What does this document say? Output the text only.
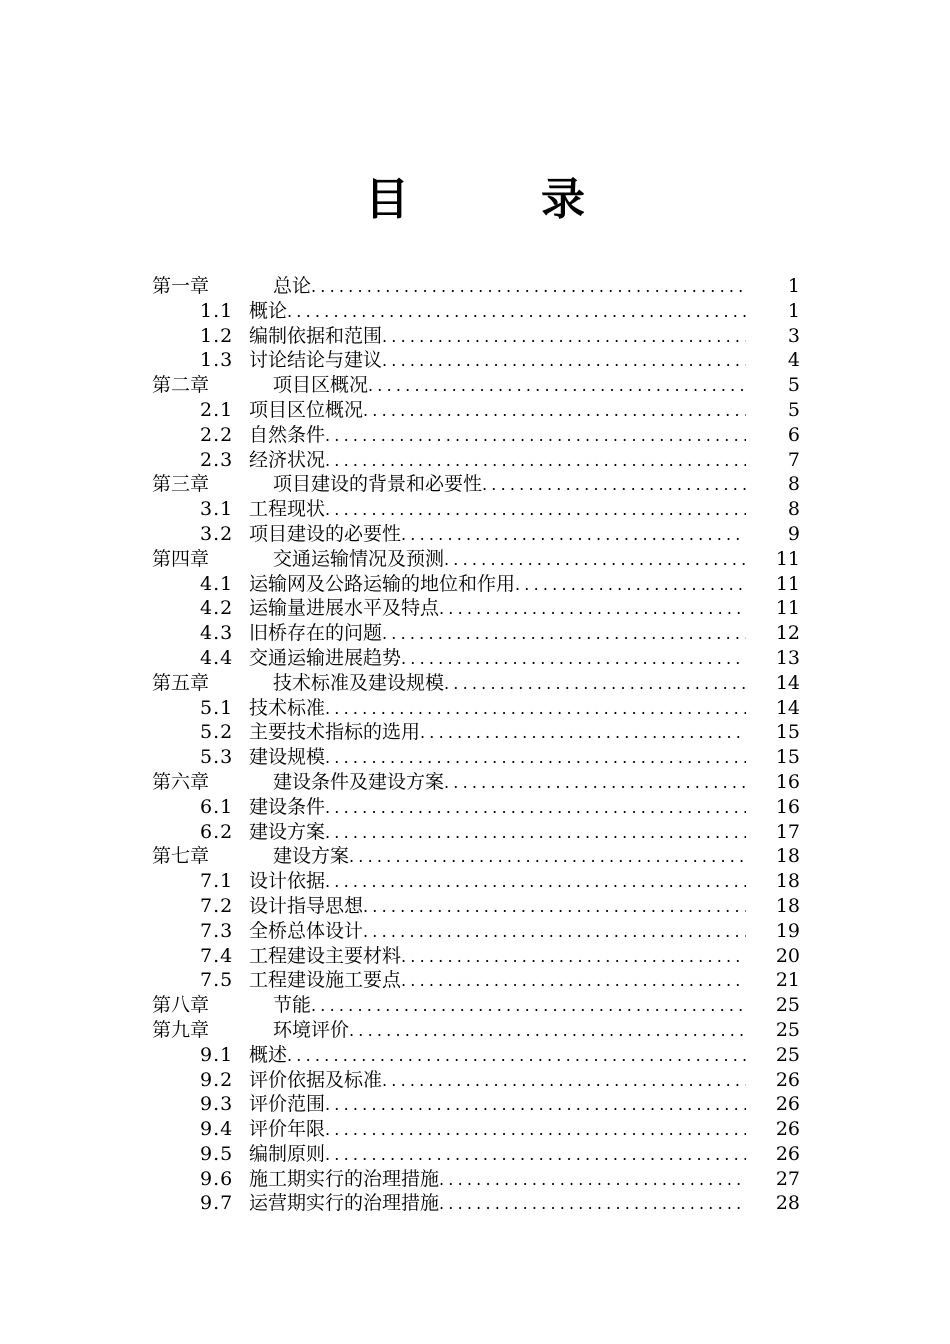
目　录
第一章	总论 .....	1
1.1 概论 .....	1
1.2 编制依据和范围 .....	3
1.3 讨论结论与建议 .....	4
第二章	项目区概况 .....	5
2.1 项目区位概况 .....	5
2.2 自然条件 .....	6
2.3 经济状况 .....	7
第三章	项目建设的背景和必要性 .....	8
3.1 工程现状 .....	8
3.2 项目建设的必要性 .....	9
第四章	交通运输情况及预测 .....	11
4.1 运输网及公路运输的地位和作用 .....	11
4.2 运输量进展水平及特点 .....	11
4.3 旧桥存在的问题 .....	12
4.4 交通运输进展趋势 .....	13
第五章	技术标准及建设规模 .....	14
5.1 技术标准 .....	14
5.2 主要技术指标的选用 .....	15
5.3 建设规模 .....	15
第六章	建设条件及建设方案 .....	16
6.1 建设条件 .....	16
6.2 建设方案 .....	17
第七章	建设方案 .....	18
7.1 设计依据 .....	18
7.2 设计指导思想 .....	18
7.3 全桥总体设计 .....	19
7.4 工程建设主要材料 .....	20
7.5 工程建设施工要点 .....	21
第八章	节能 .....	25
第九章	环境评价 .....	25
9.1 概述 .....	25
9.2 评价依据及标准 .....	26
9.3 评价范围 .....	26
9.4 评价年限 .....	26
9.5 编制原则 .....	26
9.6 施工期实行的治理措施 .....	27
9.7 运营期实行的治理措施 .....	28
